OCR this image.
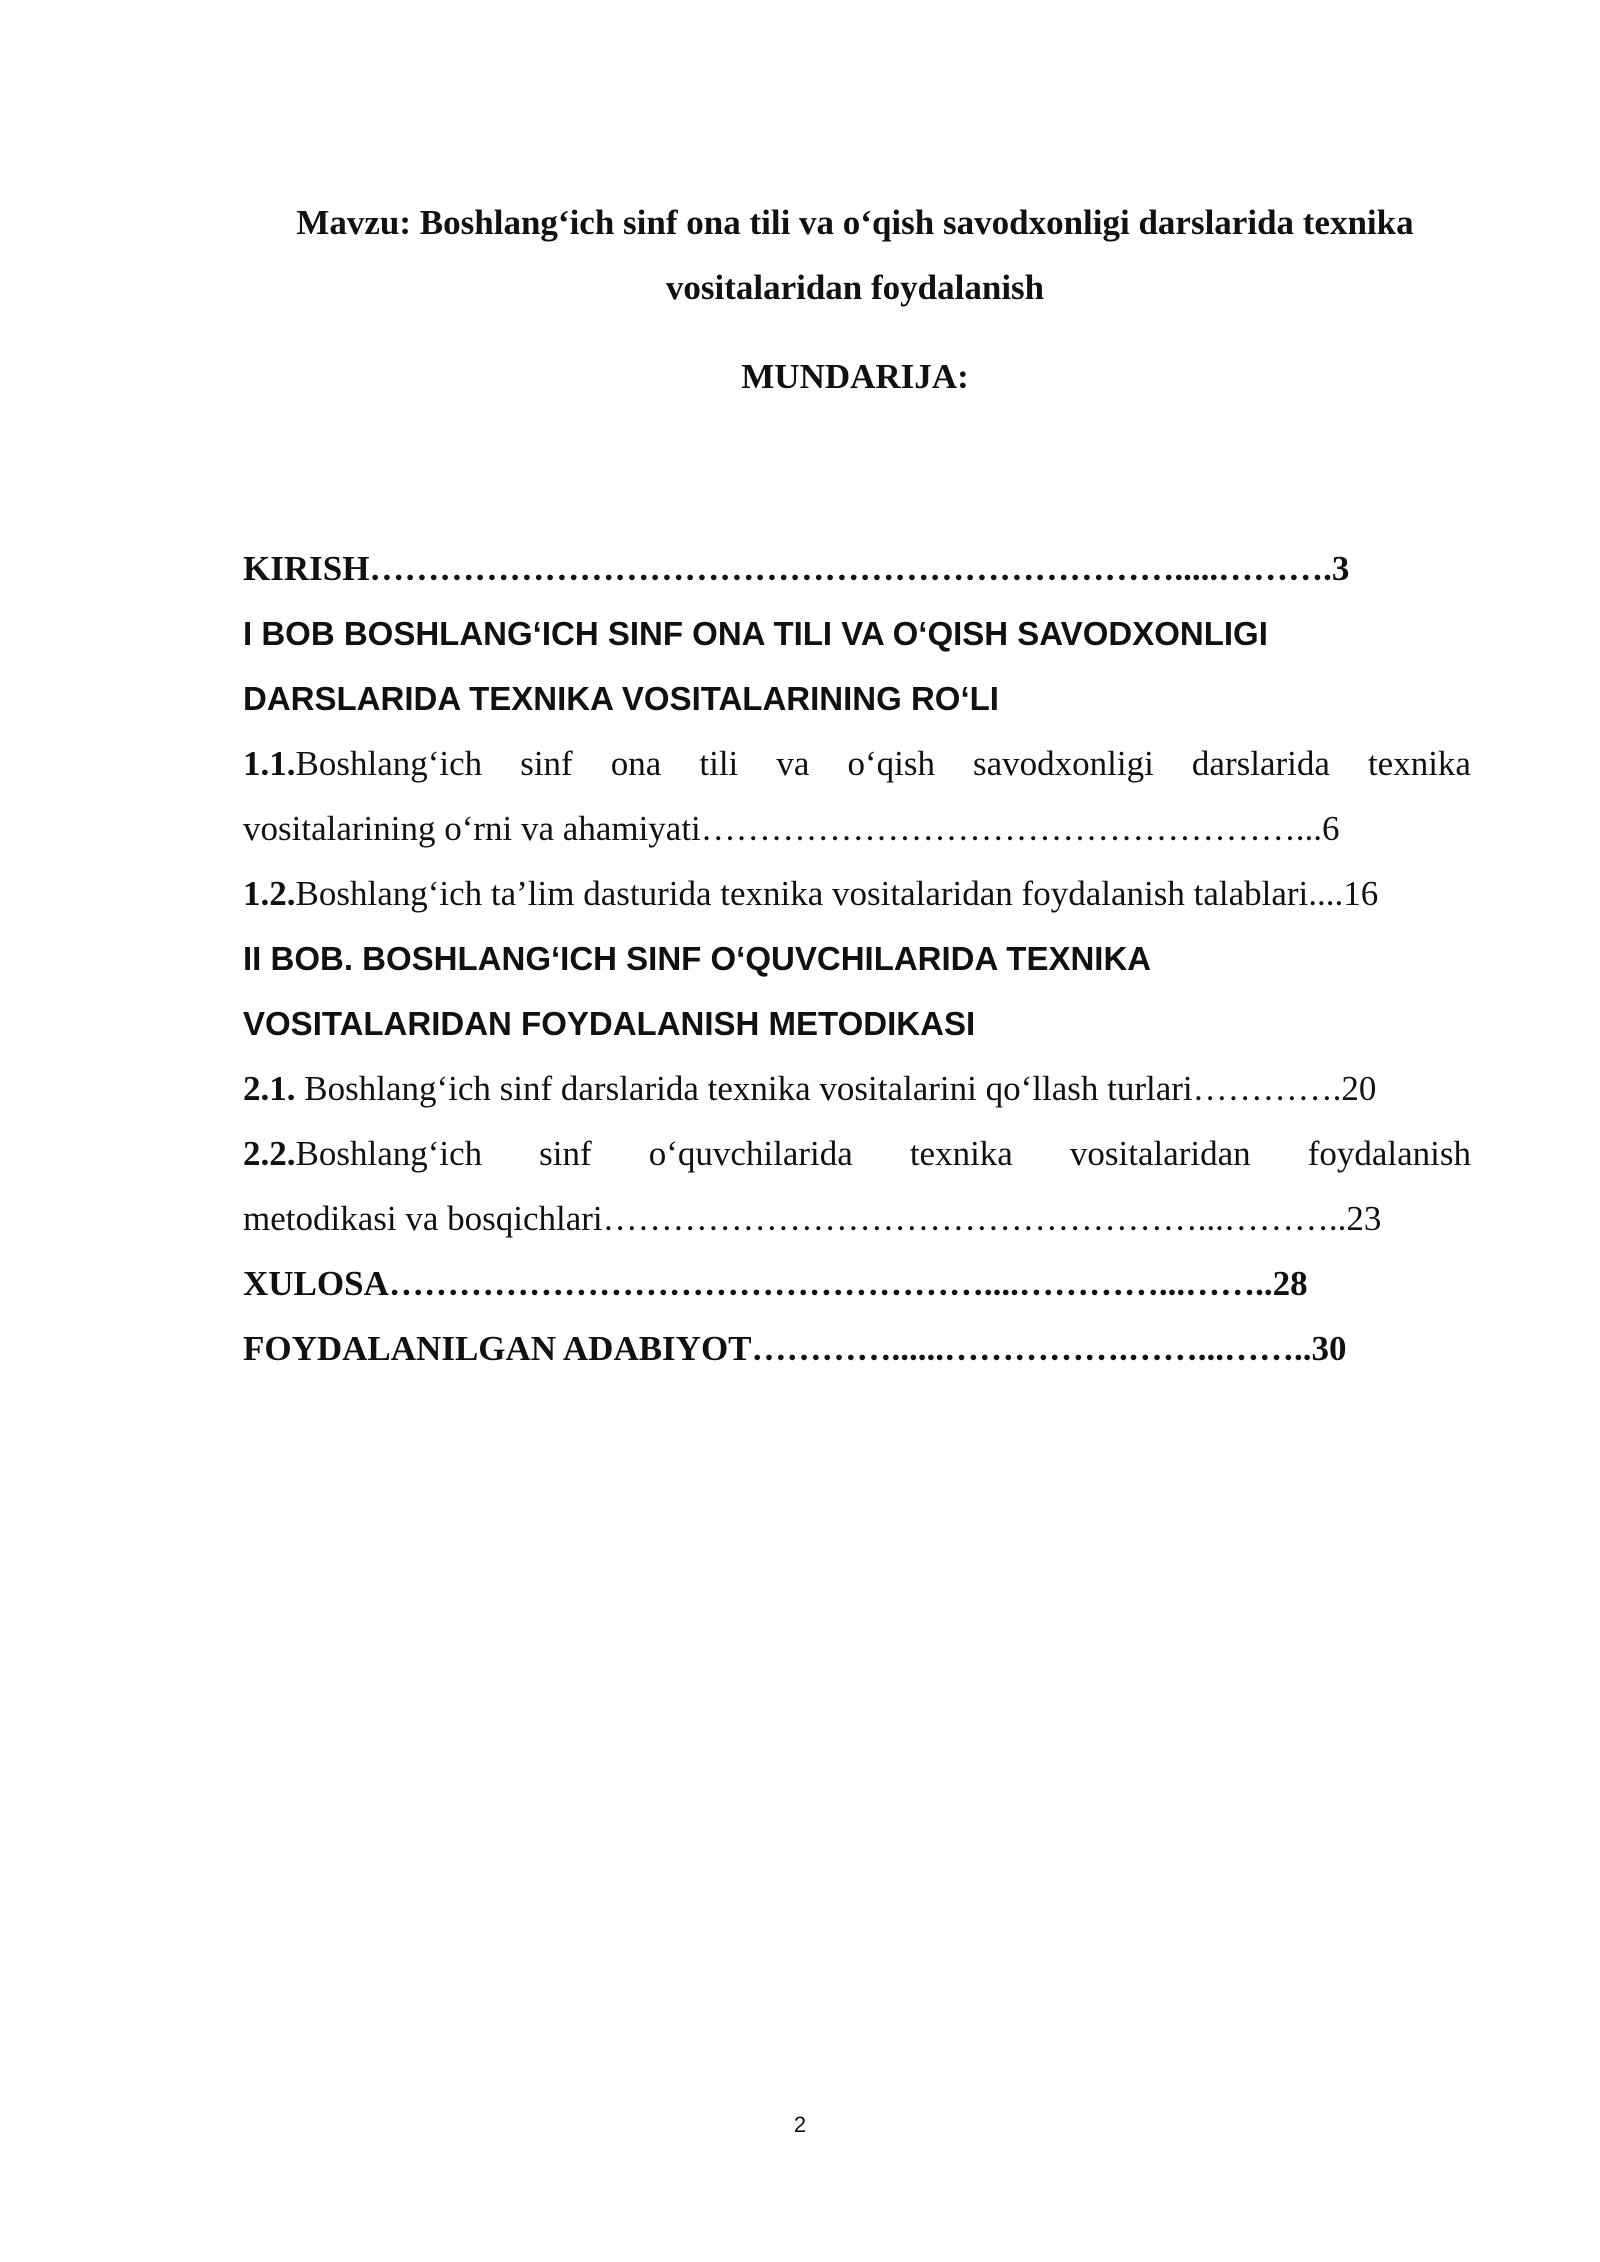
Mavzu: Boshlang‘ich sinf ona tili va o‘qish savodxonligi darslarida texnika
vositalaridan foydalanish
MUNDARIJA:
KIRISH…………………………………………………………….....……….3
I BOB BOSHLANG‘ICH SINF ONA TILI VA O‘QISH SAVODXONLIGI
DARSLARIDA TEXNIKA VOSITALARINING RO‘LI
1.1.Boshlang‘ich sinf ona tili va o‘qish savodxonligi darslarida texnika
vositalarining o‘rni va ahamiyati……………………………………………...6
1.2.Boshlang‘ich ta’lim dasturida texnika vositalaridan foydalanish talablari....16
II BOB. BOSHLANG‘ICH SINF O‘QUVCHILARIDA TEXNIKA
VOSITALARIDAN FOYDALANISH METODIKASI
2.1. Boshlang‘ich sinf darslarida texnika vositalarini qo‘llash turlari………….20
2.2.Boshlang‘ich sinf o‘quvchilarida texnika vositalaridan foydalanish
metodikasi va bosqichlari……………………………………………...………..23
XULOSA……………………………………………....…………...……..28
FOYDALANILGAN ADABIYOT…………......…………….……...……..30
2
